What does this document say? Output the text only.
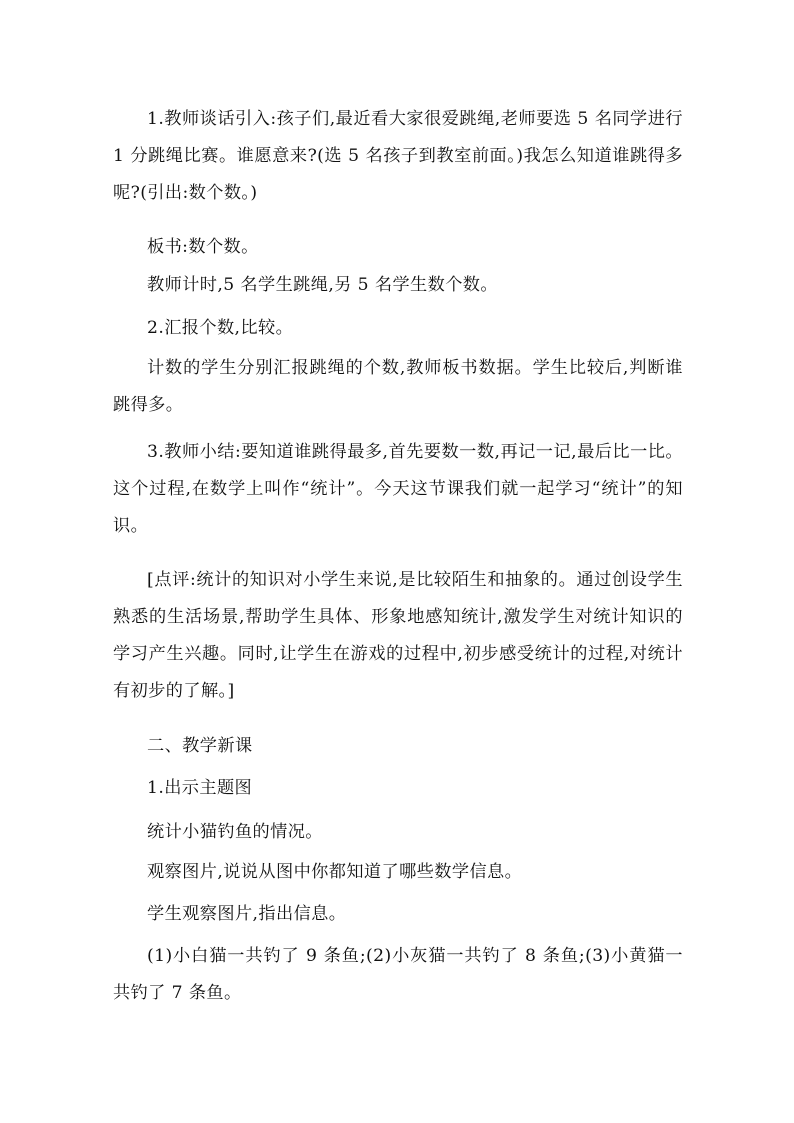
1.教师谈话引入:孩子们,最近看大家很爱跳绳,老师要选 5 名同学进行 1 分跳绳比赛。谁愿意来?(选 5 名孩子到教室前面。)我怎么知道谁跳得多呢?(引出:数个数。)

板书:数个数。

教师计时,5 名学生跳绳,另 5 名学生数个数。

2.汇报个数,比较。

计数的学生分别汇报跳绳的个数,教师板书数据。学生比较后,判断谁跳得多。

3.教师小结:要知道谁跳得最多,首先要数一数,再记一记,最后比一比。这个过程,在数学上叫作“统计”。今天这节课我们就一起学习“统计”的知识。

[点评:统计的知识对小学生来说,是比较陌生和抽象的。通过创设学生熟悉的生活场景,帮助学生具体、形象地感知统计,激发学生对统计知识的学习产生兴趣。同时,让学生在游戏的过程中,初步感受统计的过程,对统计有初步的了解。]

二、教学新课

1.出示主题图

统计小猫钓鱼的情况。

观察图片,说说从图中你都知道了哪些数学信息。

学生观察图片,指出信息。

(1)小白猫一共钓了 9 条鱼;(2)小灰猫一共钓了 8 条鱼;(3)小黄猫一共钓了 7 条鱼。
